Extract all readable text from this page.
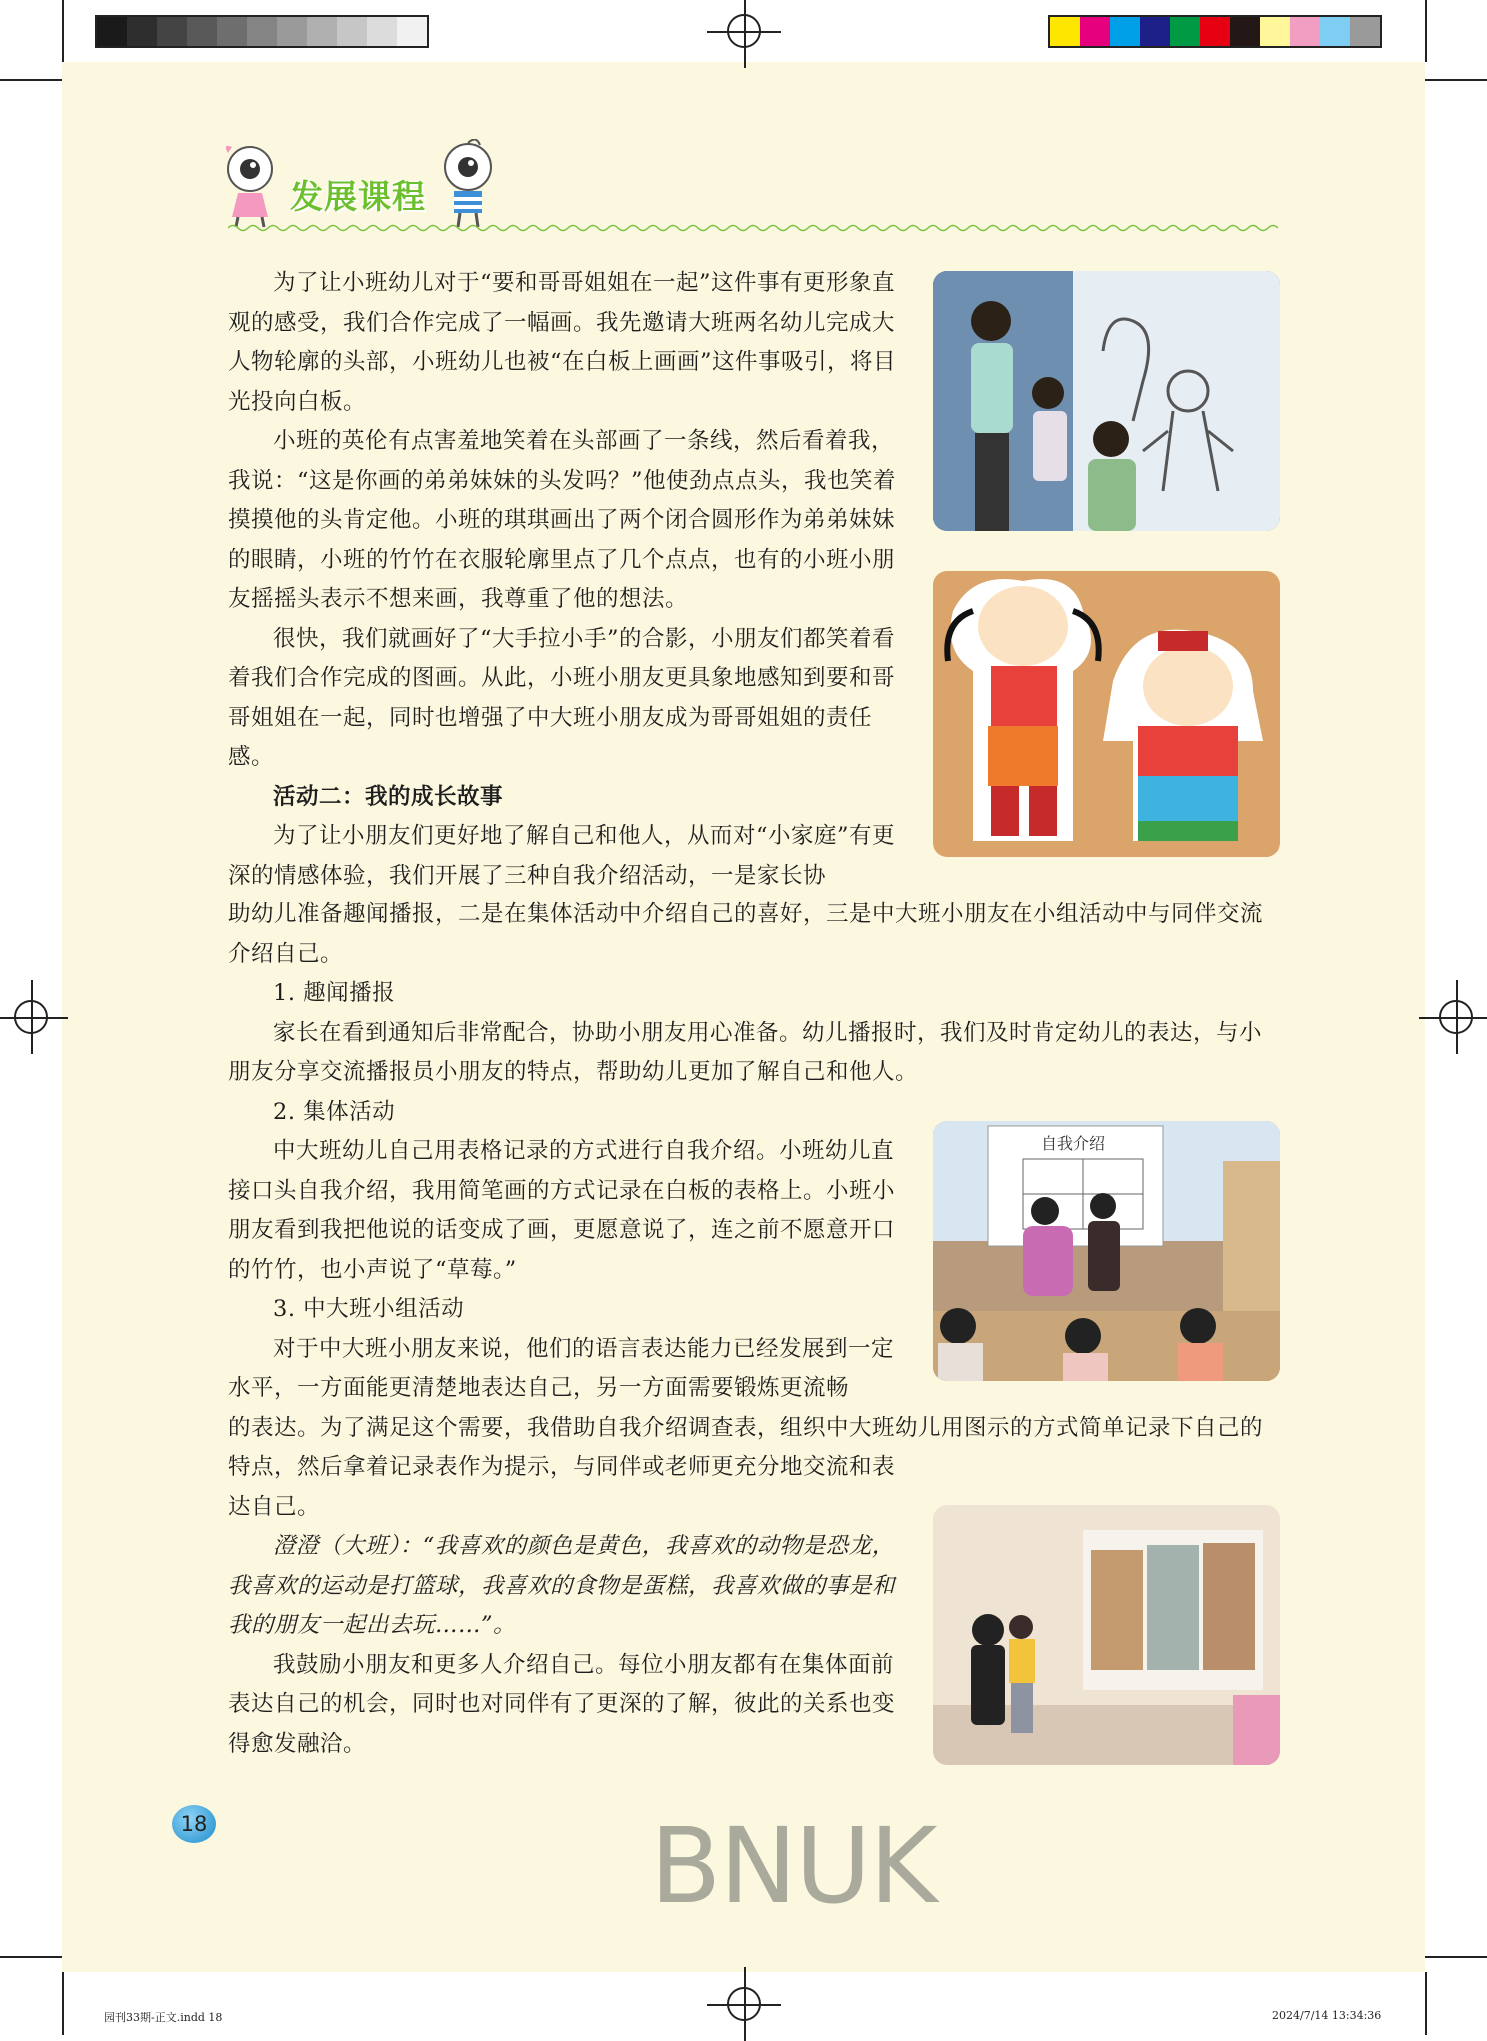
发展课程

为了让小班幼儿对于“要和哥哥姐姐在一起”这件事有更形象直观的感受，我们合作完成了一幅画。我先邀请大班两名幼儿完成大人物轮廓的头部，小班幼儿也被“在白板上画画”这件事吸引，将目光投向白板。

小班的英伦有点害羞地笑着在头部画了一条线，然后看着我，我说：“这是你画的弟弟妹妹的头发吗？”他使劲点点头，我也笑着摸摸他的头肯定他。小班的琪琪画出了两个闭合圆形作为弟弟妹妹的眼睛，小班的竹竹在衣服轮廓里点了几个点点，也有的小班小朋友摇摇头表示不想来画，我尊重了他的想法。

很快，我们就画好了“大手拉小手”的合影，小朋友们都笑着看着我们合作完成的图画。从此，小班小朋友更具象地感知到要和哥哥姐姐在一起，同时也增强了中大班小朋友成为哥哥姐姐的责任感。

活动二：我的成长故事

为了让小朋友们更好地了解自己和他人，从而对“小家庭”有更深的情感体验，我们开展了三种自我介绍活动，一是家长协

助幼儿准备趣闻播报，二是在集体活动中介绍自己的喜好，三是中大班小朋友在小组活动中与同伴交流介绍自己。

1. 趣闻播报

家长在看到通知后非常配合，协助小朋友用心准备。幼儿播报时，我们及时肯定幼儿的表达，与小朋友分享交流播报员小朋友的特点，帮助幼儿更加了解自己和他人。

2. 集体活动

中大班幼儿自己用表格记录的方式进行自我介绍。小班幼儿直接口头自我介绍，我用简笔画的方式记录在白板的表格上。小班小朋友看到我把他说的话变成了画，更愿意说了，连之前不愿意开口的竹竹，也小声说了“草莓。”

3. 中大班小组活动

对于中大班小朋友来说，他们的语言表达能力已经发展到一定水平，一方面能更清楚地表达自己，另一方面需要锻炼更流畅

的表达。为了满足这个需要，我借助自我介绍调查表，组织中大班幼儿用图示的方式简单记录下自己的

特点，然后拿着记录表作为提示，与同伴或老师更充分地交流和表达自己。

澄澄（大班）：“我喜欢的颜色是黄色，我喜欢的动物是恐龙，我喜欢的运动是打篮球，我喜欢的食物是蛋糕，我喜欢做的事是和我的朋友一起出去玩……”。

我鼓励小朋友和更多人介绍自己。每位小朋友都有在集体面前表达自己的机会，同时也对同伴有了更深的了解，彼此的关系也变得愈发融洽。

自我介绍
18	BNUK
园刊33期-正文.indd 18	2024/7/14 13:34:36
